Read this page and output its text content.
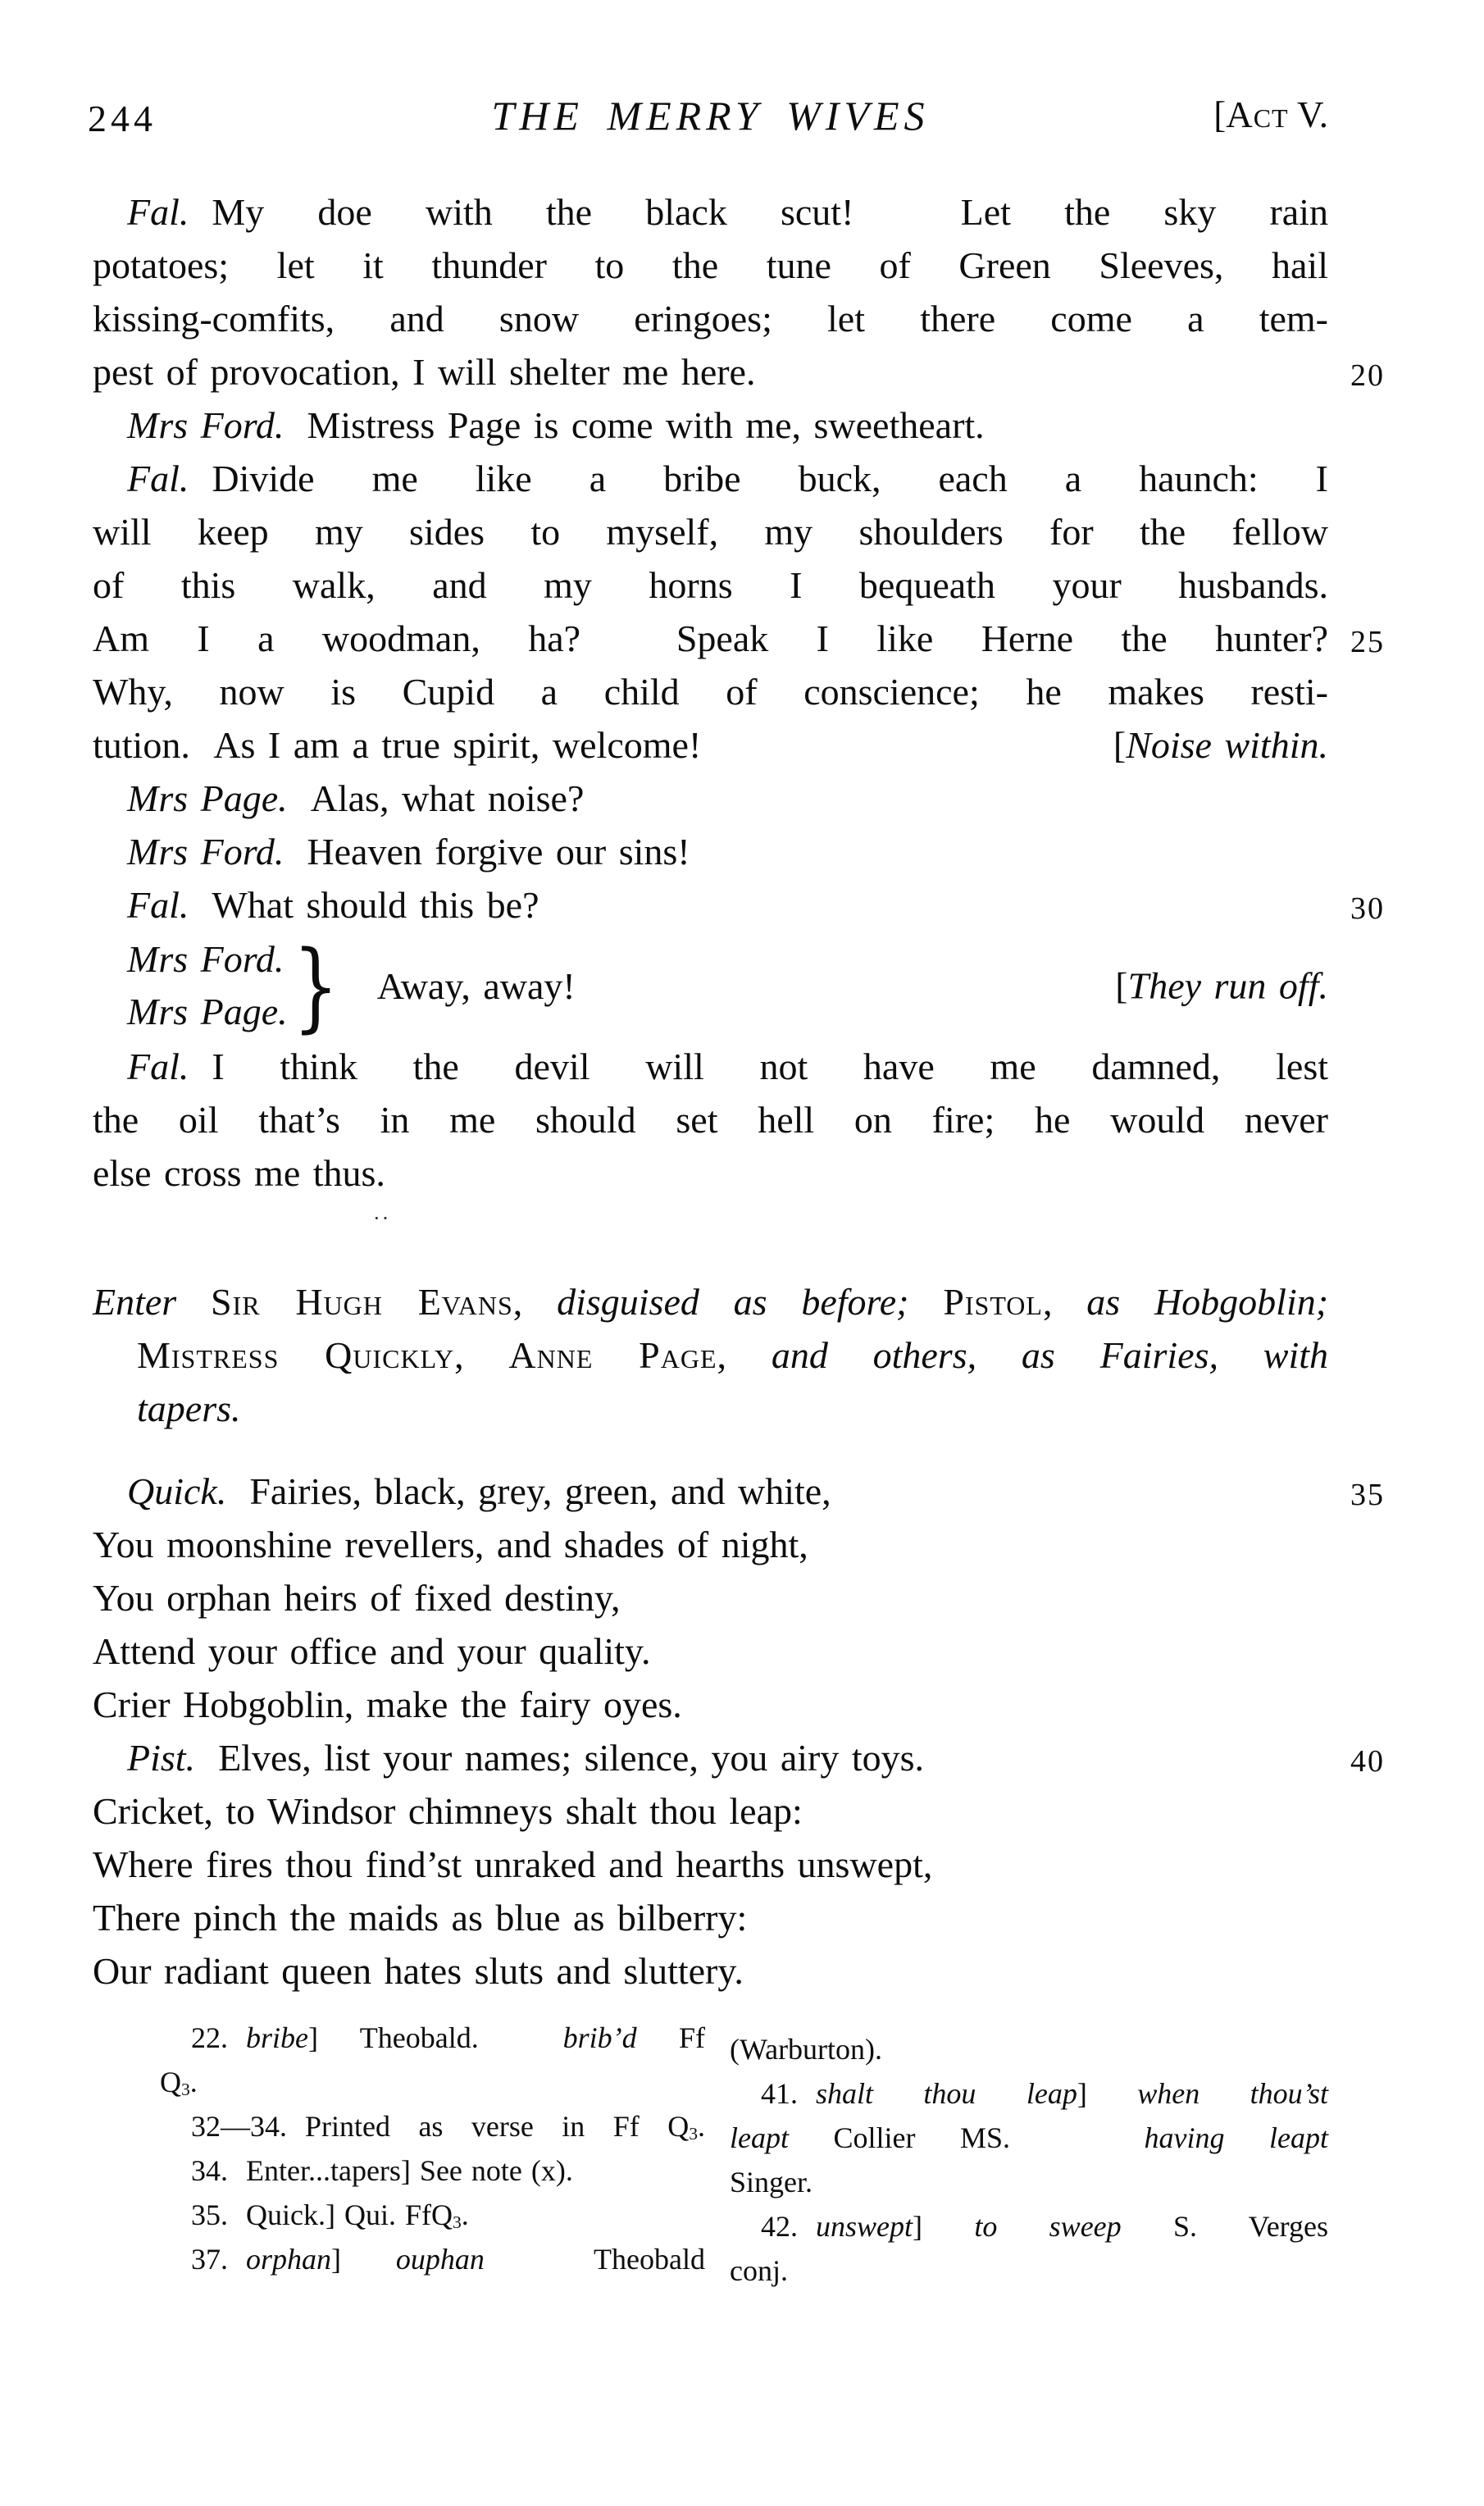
244	THE MERRY WIVES	[Act V.
Fal. My doe with the black scut!  Let the sky rain
potatoes; let it thunder to the tune of Green Sleeves, hail
kissing-comfits, and snow eringoes; let there come a tem-
pest of provocation, I will shelter me here.	20
Mrs Ford. Mistress Page is come with me, sweetheart.
Fal. Divide me like a bribe buck, each a haunch: I
will keep my sides to myself, my shoulders for the fellow
of this walk, and my horns I bequeath your husbands.
Am I a woodman, ha?  Speak I like Herne the hunter? 25
Why, now is Cupid a child of conscience; he makes resti-
tution.  As I am a true spirit, welcome!	[Noise within.
Mrs Page. Alas, what noise?
Mrs Ford. Heaven forgive our sins!
Fal. What should this be?	30
Mrs Ford.
Mrs Page. } Away, away!	[They run off.
Fal. I think the devil will not have me damned, lest
the oil that’s in me should set hell on fire; he would never
else cross me thus.
··
Enter Sir Hugh Evans, disguised as before; Pistol, as Hobgoblin;
Mistress Quickly, Anne Page, and others, as Fairies, with
tapers.
Quick. Fairies, black, grey, green, and white,	35
You moonshine revellers, and shades of night,
You orphan heirs of fixed destiny,
Attend your office and your quality.
Crier Hobgoblin, make the fairy oyes.
Pist. Elves, list your names; silence, you airy toys.	40
Cricket, to Windsor chimneys shalt thou leap:
Where fires thou find’st unraked and hearths unswept,
There pinch the maids as blue as bilberry:
Our radiant queen hates sluts and sluttery.
22. bribe] Theobald.  brib’d Ff
Q3.
32—34. Printed as verse in Ff Q3.
34. Enter...tapers] See note (x).
35. Quick.] Qui. FfQ3.
37. orphan] ouphan  Theobald
(Warburton).
41. shalt thou leap] when thou’st
leapt Collier MS.   having leapt
Singer.
42. unswept] to sweep S. Verges
conj.
